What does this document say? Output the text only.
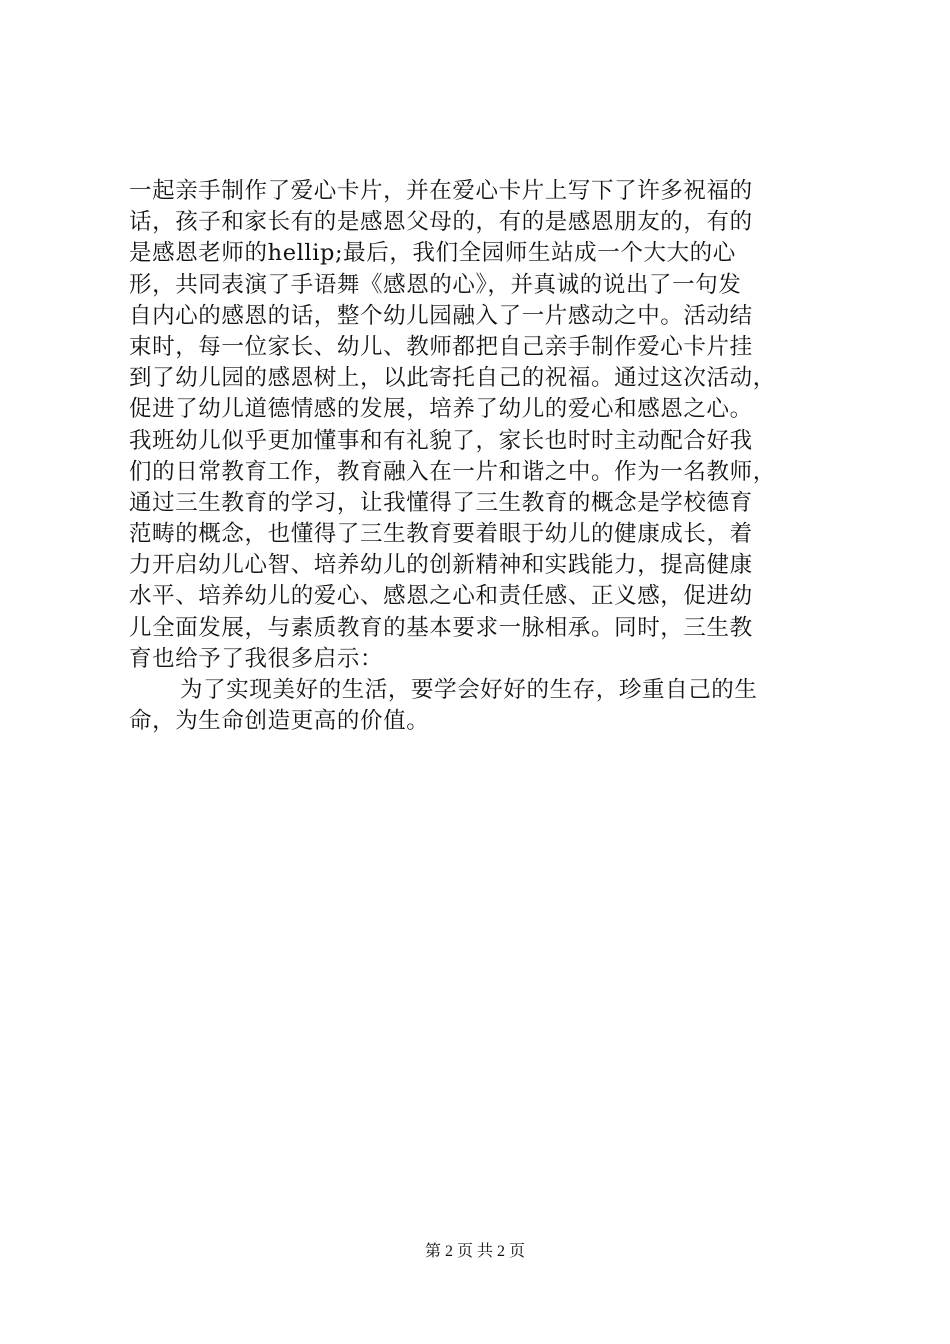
一起亲手制作了爱心卡片，并在爱心卡片上写下了许多祝福的
话，孩子和家长有的是感恩父母的，有的是感恩朋友的，有的
是感恩老师的hellip;最后，我们全园师生站成一个大大的心
形，共同表演了手语舞《感恩的心》，并真诚的说出了一句发
自内心的感恩的话，整个幼儿园融入了一片感动之中。活动结
束时，每一位家长、幼儿、教师都把自己亲手制作爱心卡片挂
到了幼儿园的感恩树上，以此寄托自己的祝福。通过这次活动，
促进了幼儿道德情感的发展，培养了幼儿的爱心和感恩之心。
我班幼儿似乎更加懂事和有礼貌了，家长也时时主动配合好我
们的日常教育工作，教育融入在一片和谐之中。作为一名教师，
通过三生教育的学习，让我懂得了三生教育的概念是学校德育
范畴的概念，也懂得了三生教育要着眼于幼儿的健康成长，着
力开启幼儿心智、培养幼儿的创新精神和实践能力，提高健康
水平、培养幼儿的爱心、感恩之心和责任感、正义感，促进幼
儿全面发展，与素质教育的基本要求一脉相承。同时，三生教
育也给予了我很多启示：
为了实现美好的生活，要学会好好的生存，珍重自己的生
命，为生命创造更高的价值。
第 2 页 共 2 页
